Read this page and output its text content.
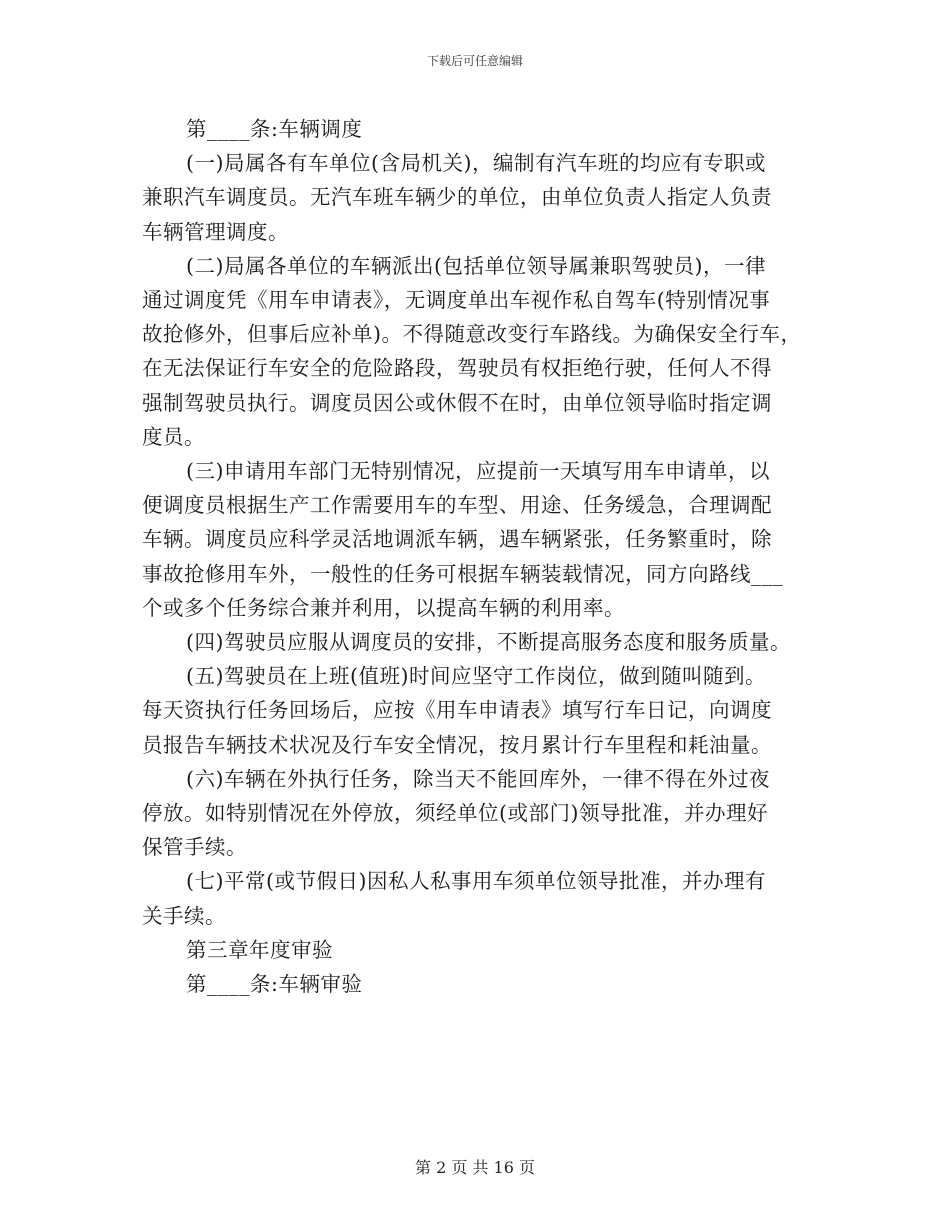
下载后可任意编辑
第____条:车辆调度
(一)局属各有车单位(含局机关)，编制有汽车班的均应有专职或
兼职汽车调度员。无汽车班车辆少的单位，由单位负责人指定人负责
车辆管理调度。
(二)局属各单位的车辆派出(包括单位领导属兼职驾驶员)，一律
通过调度凭《用车申请表》，无调度单出车视作私自驾车(特别情况事
故抢修外，但事后应补单)。不得随意改变行车路线。为确保安全行车，
在无法保证行车安全的危险路段，驾驶员有权拒绝行驶，任何人不得
强制驾驶员执行。调度员因公或休假不在时，由单位领导临时指定调
度员。
(三)申请用车部门无特别情况，应提前一天填写用车申请单，以
便调度员根据生产工作需要用车的车型、用途、任务缓急，合理调配
车辆。调度员应科学灵活地调派车辆，遇车辆紧张，任务繁重时，除
事故抢修用车外，一般性的任务可根据车辆装载情况，同方向路线___
个或多个任务综合兼并利用，以提高车辆的利用率。
(四)驾驶员应服从调度员的安排，不断提高服务态度和服务质量。
(五)驾驶员在上班(值班)时间应坚守工作岗位，做到随叫随到。
每天资执行任务回场后，应按《用车申请表》填写行车日记，向调度
员报告车辆技术状况及行车安全情况，按月累计行车里程和耗油量。
(六)车辆在外执行任务，除当天不能回库外，一律不得在外过夜
停放。如特别情况在外停放，须经单位(或部门)领导批准，并办理好
保管手续。
(七)平常(或节假日)因私人私事用车须单位领导批准，并办理有
关手续。
第三章年度审验
第____条:车辆审验
第 2 页 共 16 页
